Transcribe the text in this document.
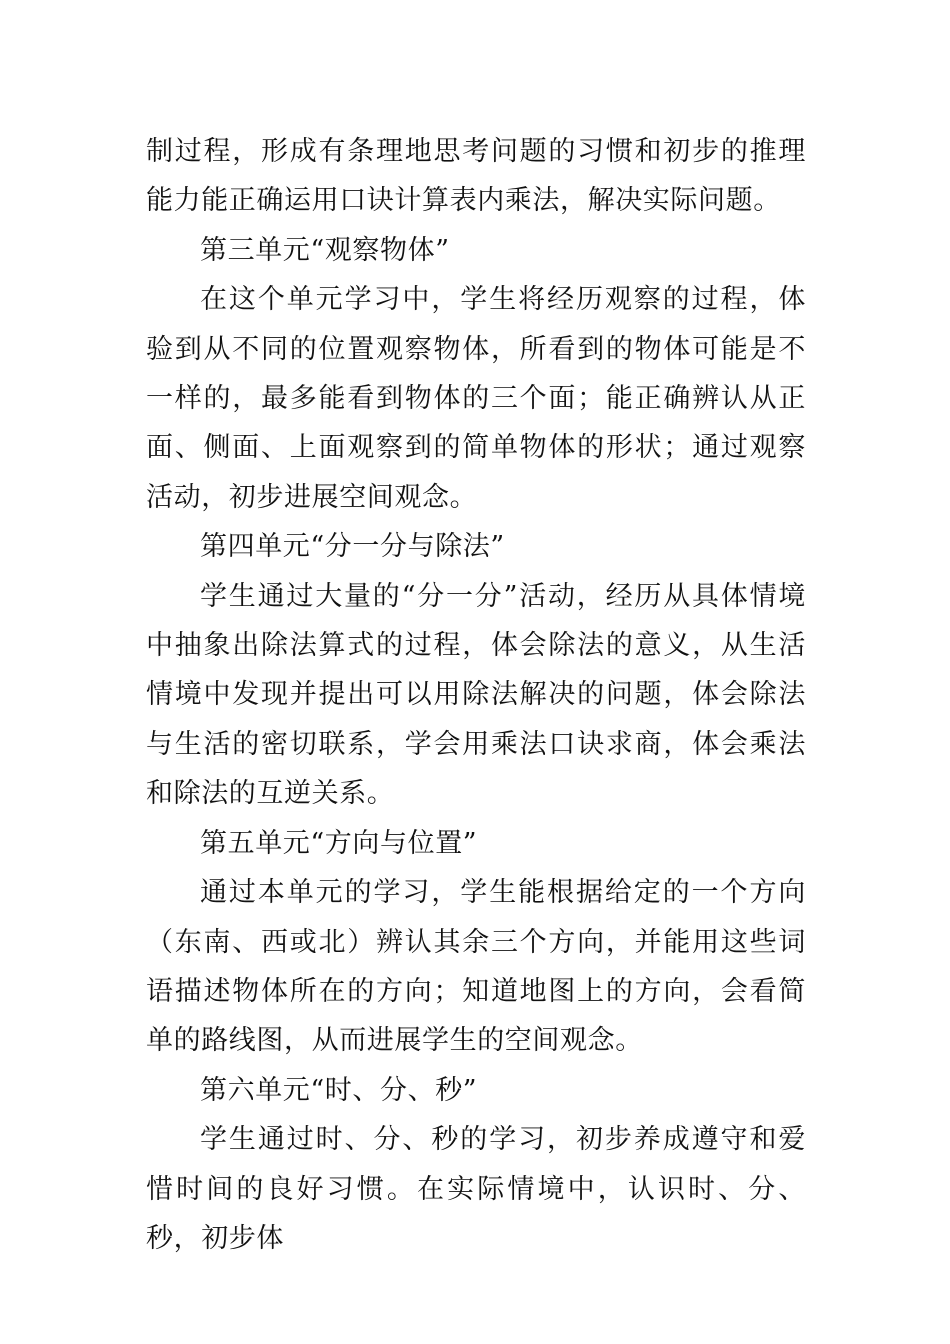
制过程，形成有条理地思考问题的习惯和初步的推理能力能正确运用口诀计算表内乘法，解决实际问题。

第三单元“观察物体”

在这个单元学习中，学生将经历观察的过程，体验到从不同的位置观察物体，所看到的物体可能是不一样的，最多能看到物体的三个面；能正确辨认从正面、侧面、上面观察到的简单物体的形状；通过观察活动，初步进展空间观念。

第四单元“分一分与除法”

学生通过大量的“分一分”活动，经历从具体情境中抽象出除法算式的过程，体会除法的意义，从生活情境中发现并提出可以用除法解决的问题，体会除法与生活的密切联系，学会用乘法口诀求商，体会乘法和除法的互逆关系。

第五单元“方向与位置”

通过本单元的学习，学生能根据给定的一个方向（东南、西或北）辨认其余三个方向，并能用这些词语描述物体所在的方向；知道地图上的方向，会看简单的路线图，从而进展学生的空间观念。

第六单元“时、分、秒”

学生通过时、分、秒的学习，初步养成遵守和爱惜时间的良好习惯。在实际情境中，认识时、分、秒，初步体
